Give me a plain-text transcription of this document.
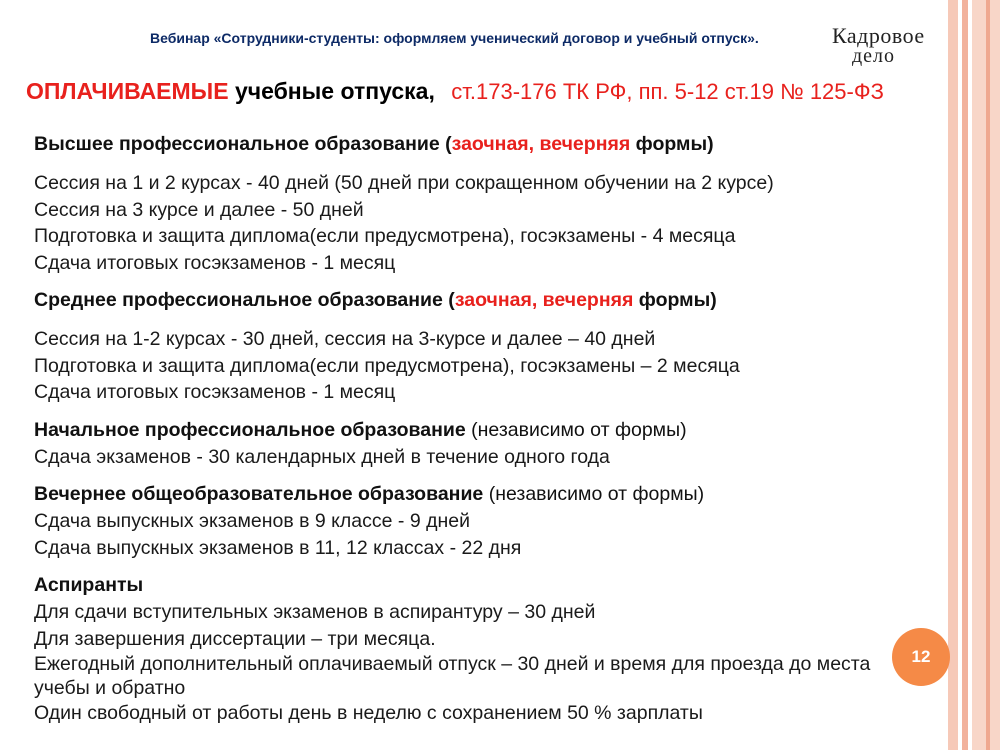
Вебинар «Сотрудники-студенты: оформляем ученический договор и учебный отпуск».	Кадровое
дело
ОПЛАЧИВАЕМЫЕ учебные отпуска, ст.173-176 ТК РФ, пп. 5-12 ст.19 № 125-ФЗ
Высшее профессиональное образование (заочная, вечерняя формы)
Сессия на 1 и 2 курсах - 40 дней (50 дней при сокращенном обучении на 2 курсе)
Сессия на 3 курсе и далее - 50 дней
Подготовка и защита диплома(если предусмотрена), госэкзамены - 4 месяца
Сдача итоговых госэкзаменов - 1 месяц
Среднее профессиональное образование (заочная, вечерняя формы)
Сессия на 1-2 курсах - 30 дней, сессия на 3-курсе и далее – 40 дней
Подготовка и защита диплома(если предусмотрена), госэкзамены – 2 месяца
Сдача итоговых госэкзаменов - 1 месяц
Начальное профессиональное образование (независимо от формы)
Сдача экзаменов - 30 календарных дней в течение одного года
Вечернее общеобразовательное образование (независимо от формы)
Сдача выпускных экзаменов в 9 классе - 9 дней
Сдача выпускных экзаменов в 11, 12 классах - 22 дня
Аспиранты
Для сдачи вступительных экзаменов в аспирантуру – 30 дней
Для завершения диссертации – три месяца.
Ежегодный дополнительный оплачиваемый отпуск – 30 дней и время для проезда до места учебы и обратно
Один свободный от работы день в неделю с сохранением 50 % зарплаты
12
